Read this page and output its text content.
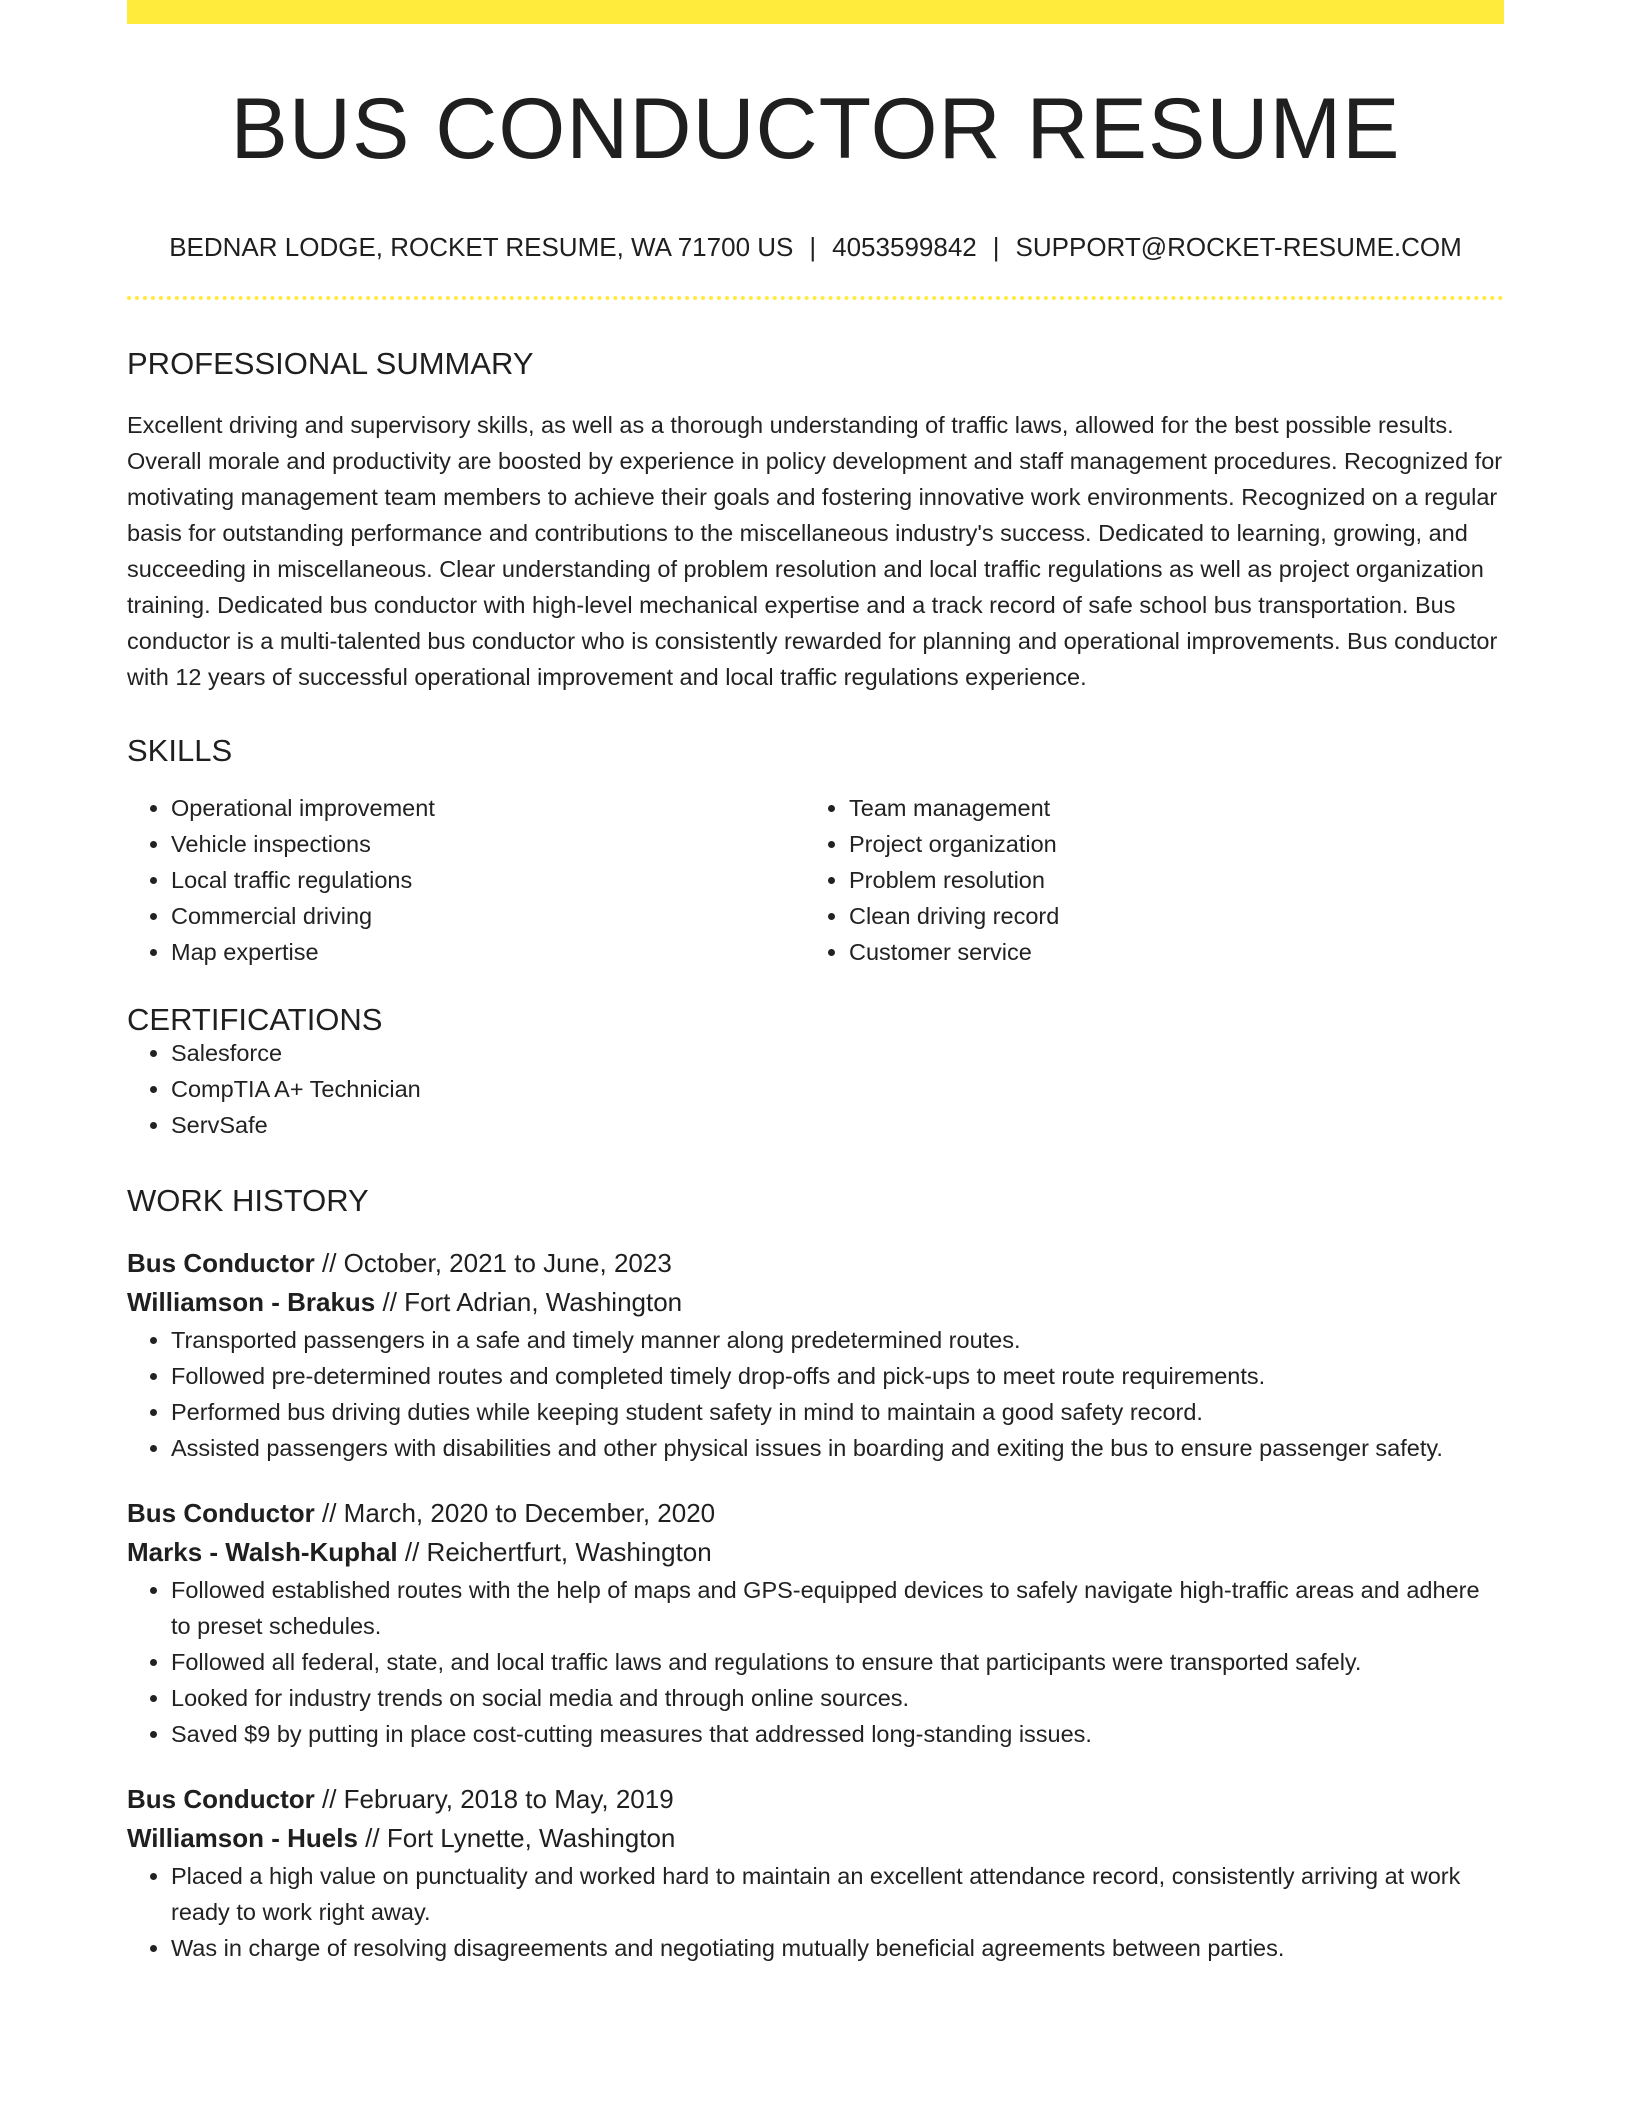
BUS CONDUCTOR RESUME
BEDNAR LODGE, ROCKET RESUME, WA 71700 US | 4053599842 | SUPPORT@ROCKET-RESUME.COM
PROFESSIONAL SUMMARY

Excellent driving and supervisory skills, as well as a thorough understanding of traffic laws, allowed for the best possible results. Overall morale and productivity are boosted by experience in policy development and staff management procedures. Recognized for motivating management team members to achieve their goals and fostering innovative work environments. Recognized on a regular basis for outstanding performance and contributions to the miscellaneous industry's success. Dedicated to learning, growing, and succeeding in miscellaneous. Clear understanding of problem resolution and local traffic regulations as well as project organization training. Dedicated bus conductor with high-level mechanical expertise and a track record of safe school bus transportation. Bus conductor is a multi-talented bus conductor who is consistently rewarded for planning and operational improvements. Bus conductor with 12 years of successful operational improvement and local traffic regulations experience.

SKILLS
• Operational improvement
• Vehicle inspections
• Local traffic regulations
• Commercial driving
• Map expertise
• Team management
• Project organization
• Problem resolution
• Clean driving record
• Customer service
CERTIFICATIONS
• Salesforce
• CompTIA A+ Technician
• ServSafe
WORK HISTORY
Bus Conductor // October, 2021 to June, 2023
Williamson - Brakus // Fort Adrian, Washington
• Transported passengers in a safe and timely manner along predetermined routes.
• Followed pre-determined routes and completed timely drop-offs and pick-ups to meet route requirements.
• Performed bus driving duties while keeping student safety in mind to maintain a good safety record.
• Assisted passengers with disabilities and other physical issues in boarding and exiting the bus to ensure passenger safety.
Bus Conductor // March, 2020 to December, 2020
Marks - Walsh-Kuphal // Reichertfurt, Washington
• Followed established routes with the help of maps and GPS-equipped devices to safely navigate high-traffic areas and adhere to preset schedules.
• Followed all federal, state, and local traffic laws and regulations to ensure that participants were transported safely.
• Looked for industry trends on social media and through online sources.
• Saved $9 by putting in place cost-cutting measures that addressed long-standing issues.
Bus Conductor // February, 2018 to May, 2019
Williamson - Huels // Fort Lynette, Washington
• Placed a high value on punctuality and worked hard to maintain an excellent attendance record, consistently arriving at work ready to work right away.
• Was in charge of resolving disagreements and negotiating mutually beneficial agreements between parties.
